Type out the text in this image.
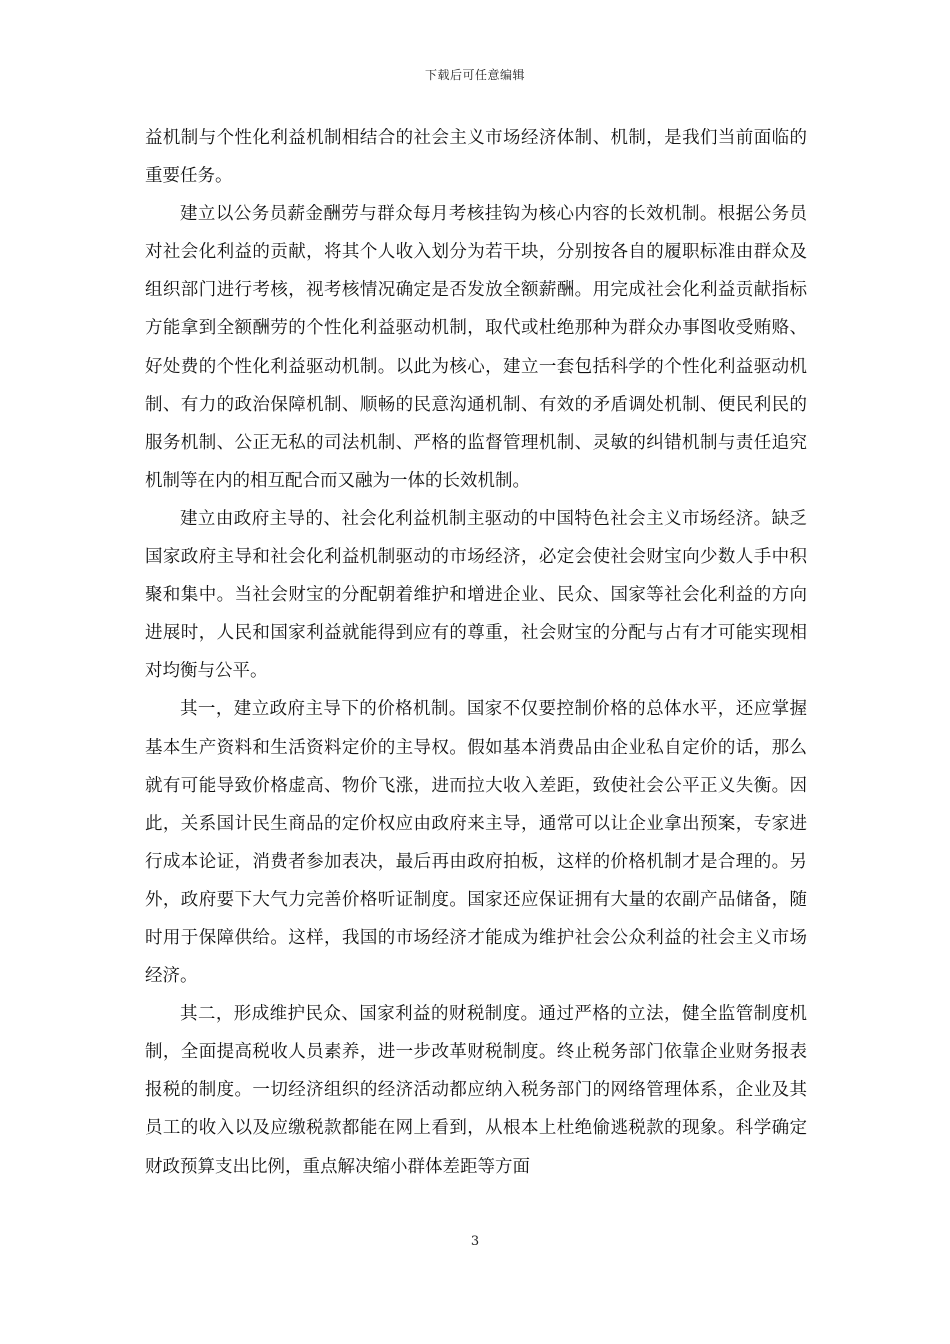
下载后可任意编辑

益机制与个性化利益机制相结合的社会主义市场经济体制、机制，是我们当前面临的重要任务。

建立以公务员薪金酬劳与群众每月考核挂钩为核心内容的长效机制。根据公务员对社会化利益的贡献，将其个人收入划分为若干块，分别按各自的履职标准由群众及组织部门进行考核，视考核情况确定是否发放全额薪酬。用完成社会化利益贡献指标方能拿到全额酬劳的个性化利益驱动机制，取代或杜绝那种为群众办事图收受贿赂、好处费的个性化利益驱动机制。以此为核心，建立一套包括科学的个性化利益驱动机制、有力的政治保障机制、顺畅的民意沟通机制、有效的矛盾调处机制、便民利民的服务机制、公正无私的司法机制、严格的监督管理机制、灵敏的纠错机制与责任追究机制等在内的相互配合而又融为一体的长效机制。

建立由政府主导的、社会化利益机制主驱动的中国特色社会主义市场经济。缺乏国家政府主导和社会化利益机制驱动的市场经济，必定会使社会财宝向少数人手中积聚和集中。当社会财宝的分配朝着维护和增进企业、民众、国家等社会化利益的方向进展时，人民和国家利益就能得到应有的尊重，社会财宝的分配与占有才可能实现相对均衡与公平。

其一，建立政府主导下的价格机制。国家不仅要控制价格的总体水平，还应掌握基本生产资料和生活资料定价的主导权。假如基本消费品由企业私自定价的话，那么就有可能导致价格虚高、物价飞涨，进而拉大收入差距，致使社会公平正义失衡。因此，关系国计民生商品的定价权应由政府来主导，通常可以让企业拿出预案，专家进行成本论证，消费者参加表决，最后再由政府拍板，这样的价格机制才是合理的。另外，政府要下大气力完善价格听证制度。国家还应保证拥有大量的农副产品储备，随时用于保障供给。这样，我国的市场经济才能成为维护社会公众利益的社会主义市场经济。

其二，形成维护民众、国家利益的财税制度。通过严格的立法，健全监管制度机制，全面提高税收人员素养，进一步改革财税制度。终止税务部门依靠企业财务报表报税的制度。一切经济组织的经济活动都应纳入税务部门的网络管理体系，企业及其员工的收入以及应缴税款都能在网上看到，从根本上杜绝偷逃税款的现象。科学确定财政预算支出比例，重点解决缩小群体差距等方面

3
